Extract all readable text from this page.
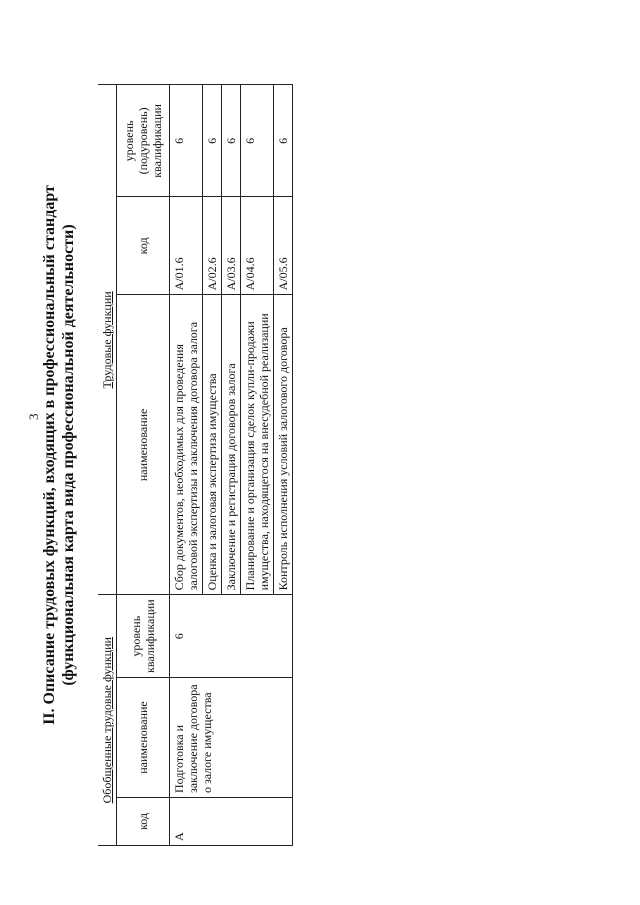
3 II. Описание трудовых функций, входящих в профессиональный стандарт (функциональная карта вида профессиональной деятельности)
Обобщенные трудовые функции			Трудовые функции		
код	наименование	уровень квалификации	наименование	код	уровень (подуровень) квалификации
A	Подготовка и заключение договора о залоге имущества	6	Сбор документов, необходимых для проведения залоговой экспертизы и заключения договора залога	A/01.6	6
			Оценка и залоговая экспертиза имущества	A/02.6	6
			Заключение и регистрация договоров залога	A/03.6	6
			Планирование и организация сделок купли-продажи имущества, находящегося на внесудебной реализации	A/04.6	6
			Контроль исполнения условий залогового договора	A/05.6	6
